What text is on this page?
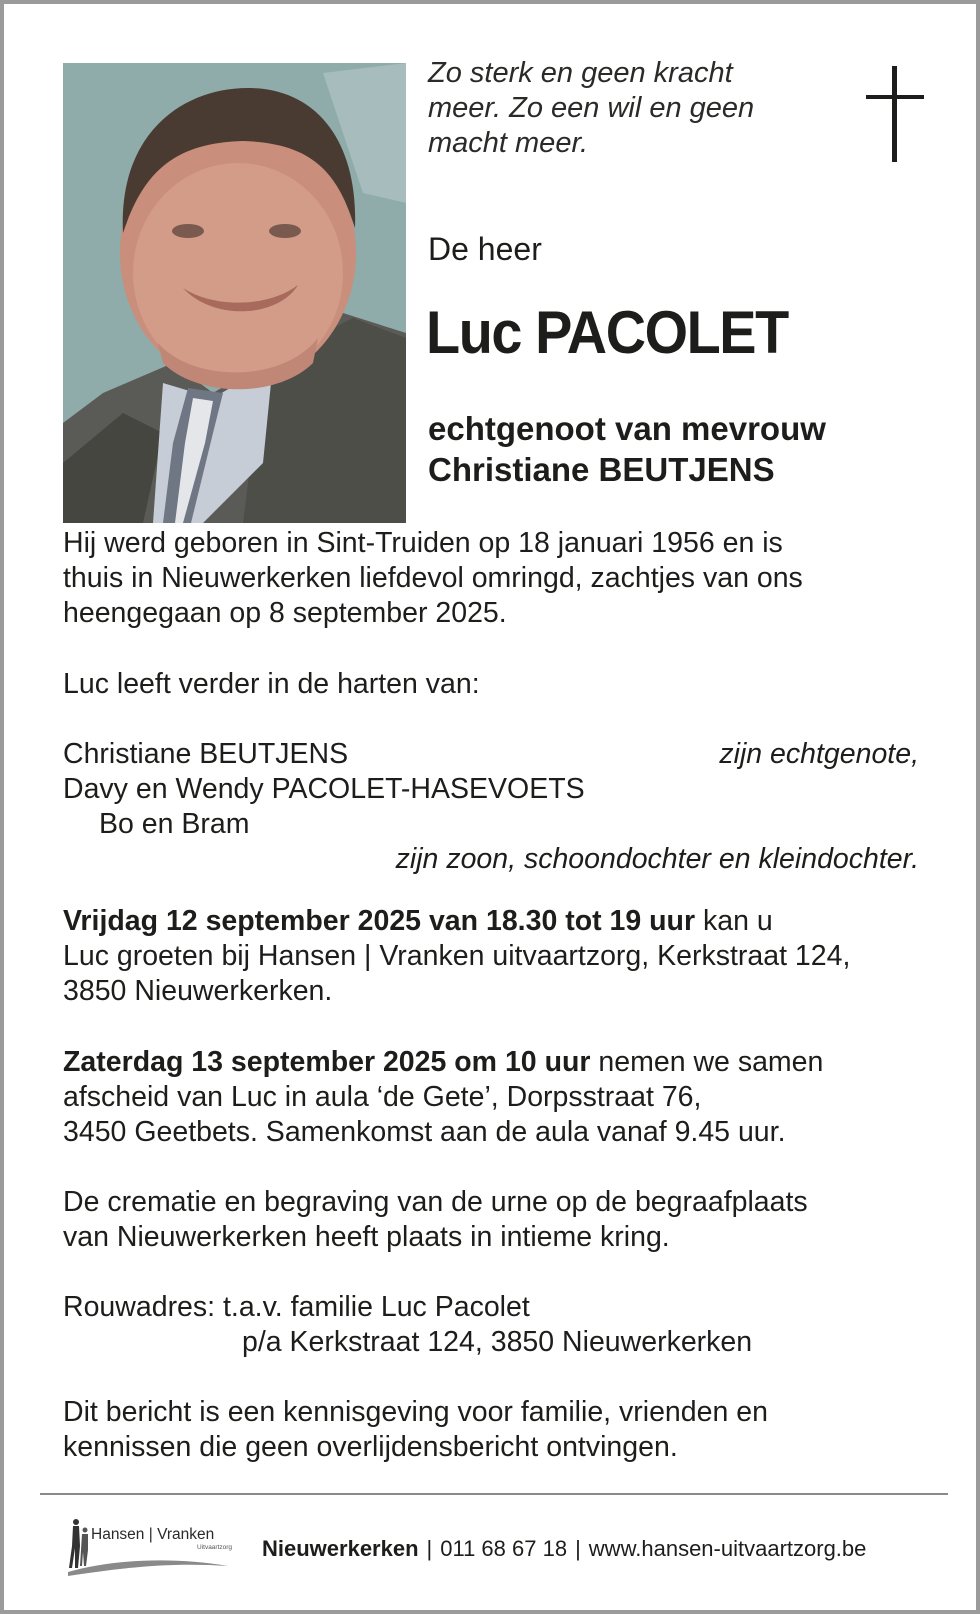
Zo sterk en geen kracht
meer. Zo een wil en geen
macht meer.
De heer
Luc PACOLET
echtgenoot van mevrouw
Christiane BEUTJENS
Hij werd geboren in Sint-Truiden op 18 januari 1956 en is
thuis in Nieuwerkerken liefdevol omringd, zachtjes van ons
heengegaan op 8 september 2025.
Luc leeft verder in de harten van:
Christiane BEUTJENS	zijn echtgenote,
Davy en Wendy PACOLET-HASEVOETS
Bo en Bram
zijn zoon, schoondochter en kleindochter.
Vrijdag 12 september 2025 van 18.30 tot 19 uur kan u
Luc groeten bij Hansen | Vranken uitvaartzorg, Kerkstraat 124,
3850 Nieuwerkerken.
Zaterdag 13 september 2025 om 10 uur nemen we samen
afscheid van Luc in aula ‘de Gete’, Dorpsstraat 76,
3450 Geetbets. Samenkomst aan de aula vanaf 9.45 uur.
De crematie en begraving van de urne op de begraafplaats
van Nieuwerkerken heeft plaats in intieme kring.
Rouwadres: t.a.v. familie Luc Pacolet
p/a Kerkstraat 124, 3850 Nieuwerkerken
Dit bericht is een kennisgeving voor familie, vrienden en
kennissen die geen overlijdensbericht ontvingen.
Hansen | Vranken
Uitvaartzorg Nieuwerkerken | 011 68 67 18 | www.hansen-uitvaartzorg.be
